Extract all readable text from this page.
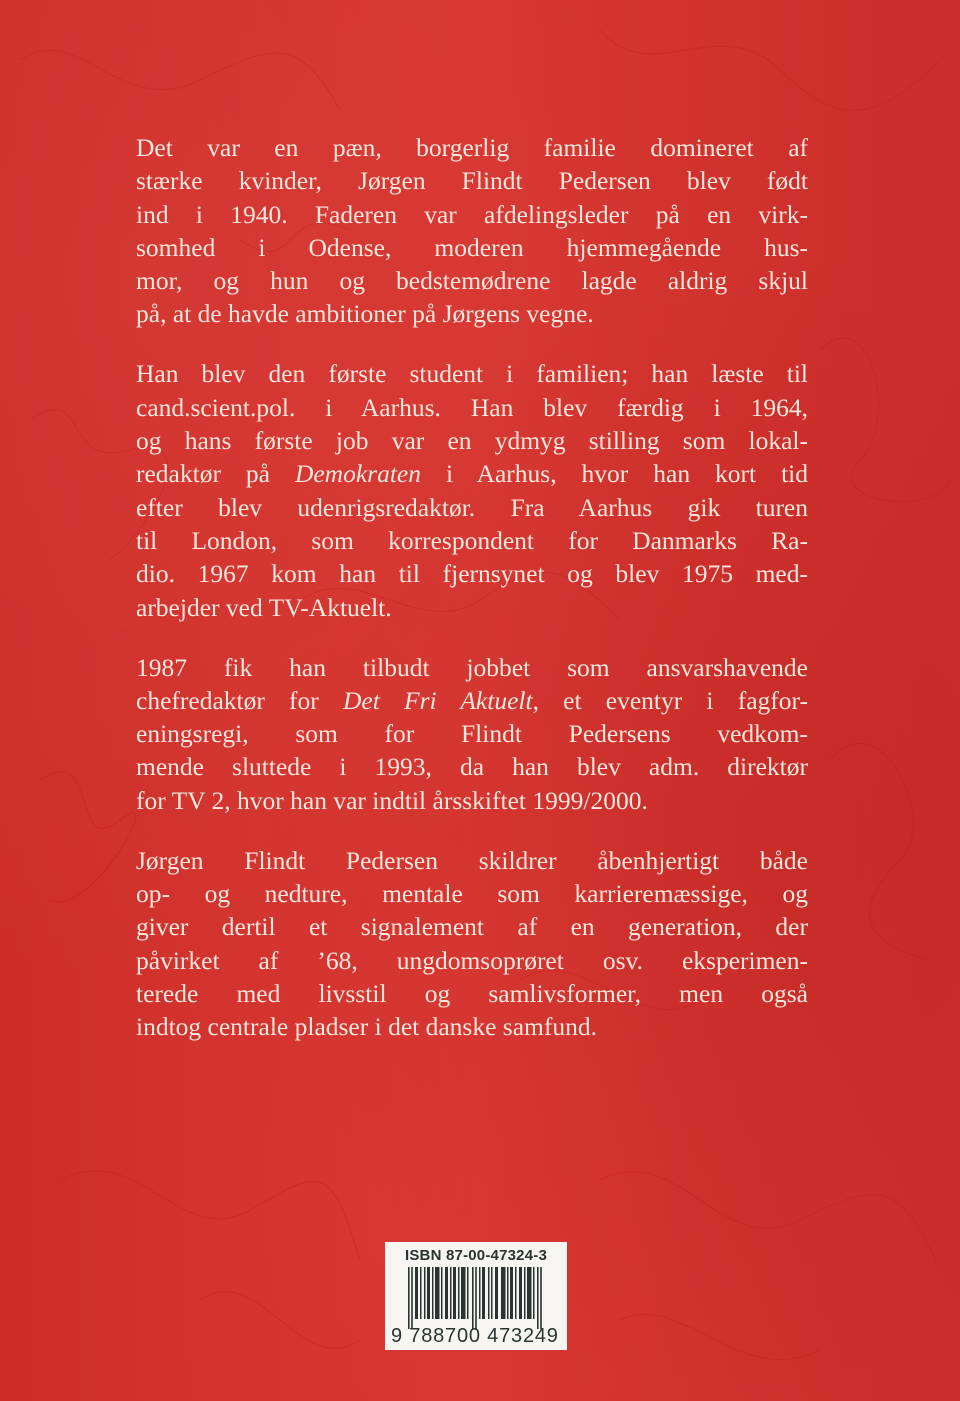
Det var en pæn, borgerlig familie domineret af
stærke kvinder, Jørgen Flindt Pedersen blev født
ind i 1940. Faderen var afdelingsleder på en virk-
somhed i Odense, moderen hjemmegående hus-
mor, og hun og bedstemødrene lagde aldrig skjul
på, at de havde ambitioner på Jørgens vegne.
Han blev den første student i familien; han læste til
cand.scient.pol. i Aarhus. Han blev færdig i 1964,
og hans første job var en ydmyg stilling som lokal-
redaktør på Demokraten i Aarhus, hvor han kort tid
efter blev udenrigsredaktør. Fra Aarhus gik turen
til London, som korrespondent for Danmarks Ra-
dio. 1967 kom han til fjernsynet og blev 1975 med-
arbejder ved TV-Aktuelt.
1987 fik han tilbudt jobbet som ansvarshavende
chefredaktør for Det Fri Aktuelt, et eventyr i fagfor-
eningsregi, som for Flindt Pedersens vedkom-
mende sluttede i 1993, da han blev adm. direktør
for TV 2, hvor han var indtil årsskiftet 1999/2000.
Jørgen Flindt Pedersen skildrer åbenhjertigt både
op- og nedture, mentale som karrieremæssige, og
giver dertil et signalement af en generation, der
påvirket af ’68, ungdomsoprøret osv. eksperimen-
terede med livsstil og samlivsformer, men også
indtog centrale pladser i det danske samfund.
ISBN 87-00-47324-3
9 788700 473249
